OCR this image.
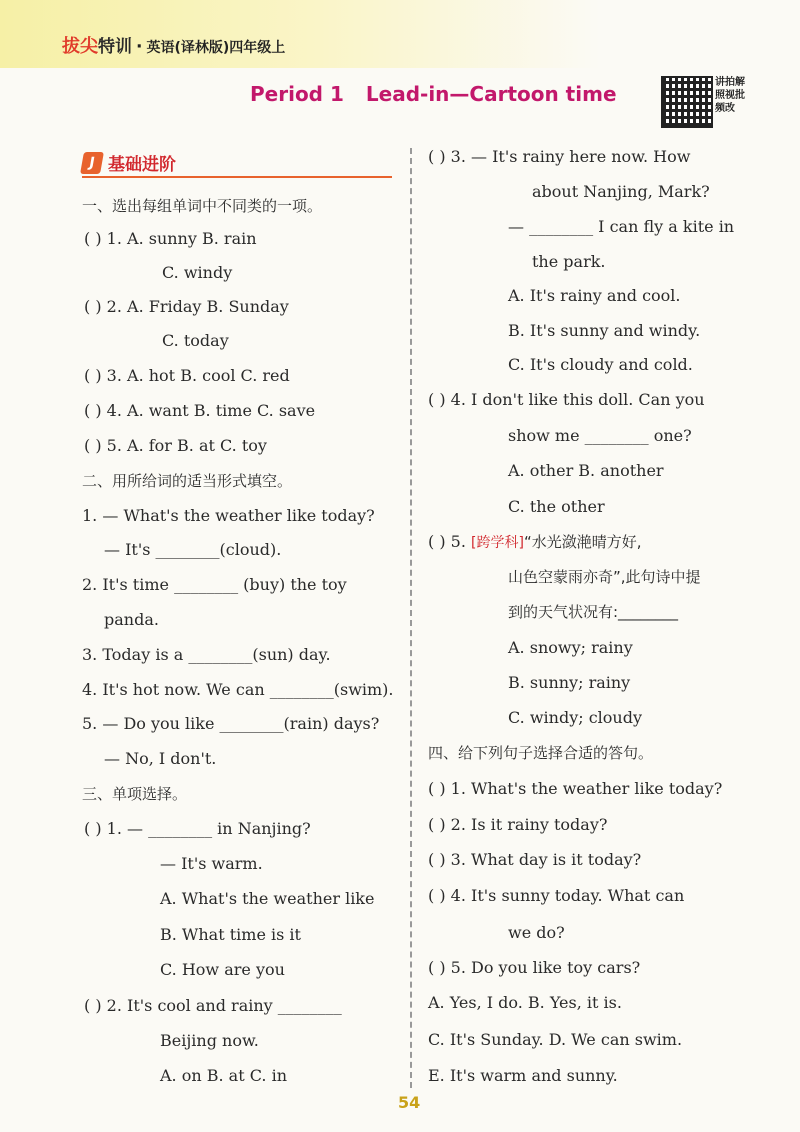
拔尖特训 · 英语(译林版)四年级上
Period 1 Lead-in—Cartoon time	讲拍解照视批频改
J 基础进阶
一、选出每组单词中不同类的一项。
( ) 1. A. sunny B. rain
C. windy
( ) 2. A. Friday B. Sunday
C. today
( ) 3. A. hot B. cool C. red
( ) 4. A. want B. time C. save
( ) 5. A. for B. at C. toy
二、用所给词的适当形式填空。
1. — What's the weather like today?
— It's ________(cloud).
2. It's time ________ (buy) the toy
panda.
3. Today is a ________(sun) day.
4. It's hot now. We can ________(swim).
5. — Do you like ________(rain) days?
— No, I don't.
三、单项选择。
( ) 1. — ________ in Nanjing?
— It's warm.
A. What's the weather like
B. What time is it
C. How are you
( ) 2. It's cool and rainy ________
Beijing now.
A. on B. at C. in
( ) 3. — It's rainy here now. How
about Nanjing, Mark?
— ________ I can fly a kite in
the park.
A. It's rainy and cool.
B. It's sunny and windy.
C. It's cloudy and cold.
( ) 4. I don't like this doll. Can you
show me ________ one?
A. other B. another
C. the other
( ) 5. [跨学科]“水光潋滟晴方好,
山色空蒙雨亦奇”,此句诗中提
到的天气状况有:________
A. snowy; rainy
B. sunny; rainy
C. windy; cloudy
四、给下列句子选择合适的答句。
( ) 1. What's the weather like today?
( ) 2. Is it rainy today?
( ) 3. What day is it today?
( ) 4. It's sunny today. What can
we do?
( ) 5. Do you like toy cars?
A. Yes, I do. B. Yes, it is.
C. It's Sunday. D. We can swim.
E. It's warm and sunny.
54
